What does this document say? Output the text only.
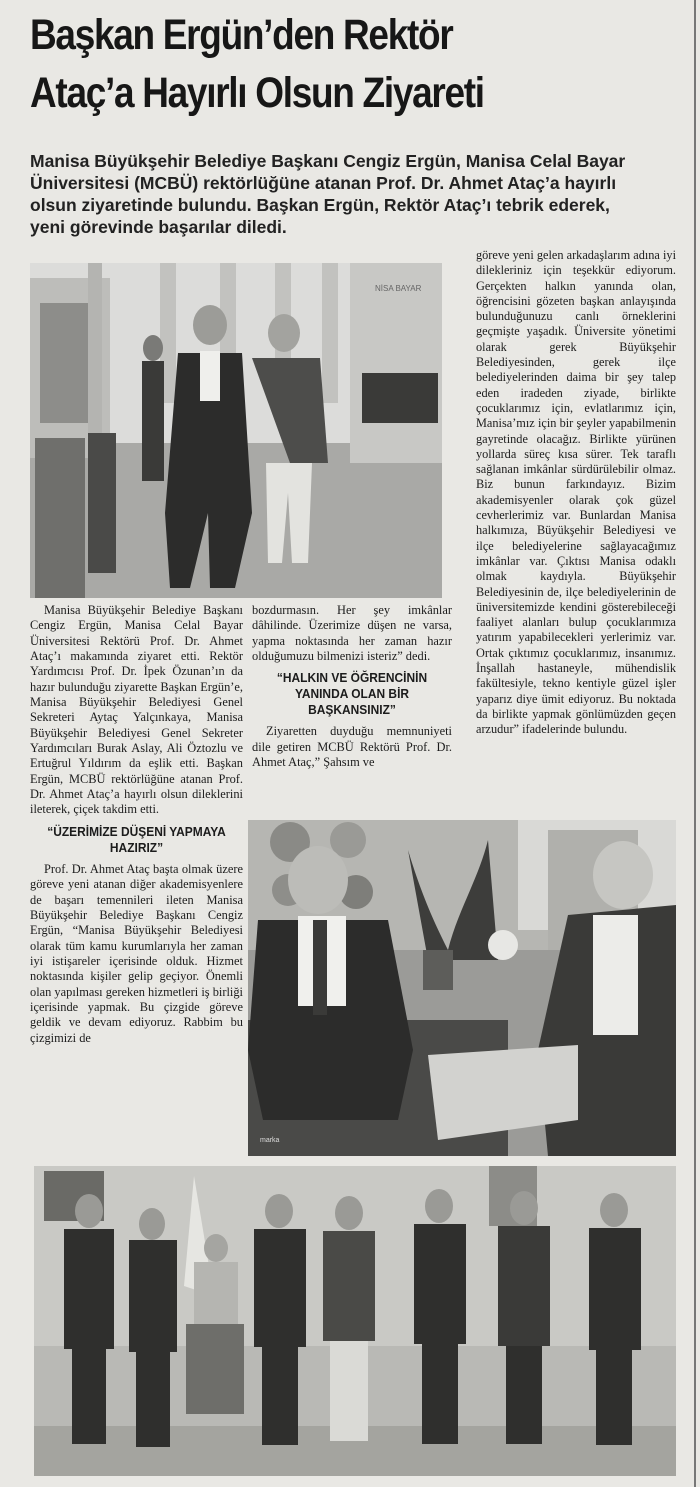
Başkan Ergün’den Rektör
Ataç’a Hayırlı Olsun Ziyareti
Manisa Büyükşehir Belediye Başkanı Cengiz Ergün, Manisa Celal Bayar Üniversitesi (MCBÜ) rektörlüğüne atanan Prof. Dr. Ahmet Ataç’a hayırlı olsun ziyaretinde bulundu. Başkan Ergün, Rektör Ataç’ı tebrik ederek, yeni görevinde başarılar diledi.
NİSA BAYAR
marka

Manisa Büyükşehir Belediye Başkanı Cengiz Ergün, Manisa Celal Bayar Üniversitesi Rektörü Prof. Dr. Ahmet Ataç’ı makamında ziyaret etti. Rektör Yardımcısı Prof. Dr. İpek Özunan’ın da hazır bulunduğu ziyarette Başkan Ergün’e, Manisa Büyükşehir Belediyesi Genel Sekreteri Aytaç Yalçınkaya, Manisa Büyükşehir Belediyesi Genel Sekreter Yardımcıları Burak Aslay, Ali Öztozlu ve Ertuğrul Yıldırım da eşlik etti. Başkan Ergün, MCBÜ rektörlüğüne atanan Prof. Dr. Ahmet Ataç’a hayırlı olsun dileklerini ileterek, çiçek takdim etti.

“ÜZERİMİZE DÜŞENİ YAPMAYA HAZIRIZ”

Prof. Dr. Ahmet Ataç başta olmak üzere göreve yeni atanan diğer akademisyenlere de başarı temennileri ileten Manisa Büyükşehir Belediye Başkanı Cengiz Ergün, “Manisa Büyükşehir Belediyesi olarak tüm kamu kurumlarıyla her zaman iyi istişareler içerisinde olduk. Hizmet noktasında kişiler gelip geçiyor. Önemli olan yapılması gereken hizmetleri iş birliği içerisinde yapmak. Bu çizgide göreve geldik ve devam ediyoruz. Rabbim bu çizgimizi de

bozdurmasın. Her şey imkânlar dâhilinde. Üzerimize düşen ne varsa, yapma noktasında her zaman hazır olduğumuzu bilmenizi isteriz” dedi.

“HALKIN VE ÖĞRENCİNİN YANINDA OLAN BİR BAŞKANSINIZ”

Ziyaretten duyduğu memnuniyeti dile getiren MCBÜ Rektörü Prof. Dr. Ahmet Ataç,” Şahsım ve

göreve yeni gelen arkadaşlarım adına iyi dilekleriniz için teşekkür ediyorum. Gerçekten halkın yanında olan, öğrencisini gözeten başkan anlayışında bulunduğunuzu canlı örneklerini geçmişte yaşadık. Üniversite yönetimi olarak gerek Büyükşehir Belediyesinden, gerek ilçe belediyelerinden daima bir şey talep eden iradeden ziyade, birlikte çocuklarımız için, evlatlarımız için, Manisa’mız için bir şeyler yapabilmenin gayretinde olacağız. Birlikte yürünen yollarda süreç kısa sürer. Tek taraflı sağlanan imkânlar sürdürülebilir olmaz. Biz bunun farkındayız. Bizim akademisyenler olarak çok güzel cevherlerimiz var. Bunlardan Manisa halkımıza, Büyükşehir Belediyesi ve ilçe belediyelerine sağlayacağımız imkânlar var. Çıktısı Manisa odaklı olmak kaydıyla. Büyükşehir Belediyesinin de, ilçe belediyelerinin de üniversitemizde kendini gösterebileceği faaliyet alanları bulup çocuklarımıza yatırım yapabilecekleri yerlerimiz var. Ortak çıktımız çocuklarımız, insanımız. İnşallah hastaneyle, mühendislik fakültesiyle, tekno kentiyle güzel işler yaparız diye ümit ediyoruz. Bu noktada da birlikte yapmak gönlümüzden geçen arzudur” ifadelerinde bulundu.
